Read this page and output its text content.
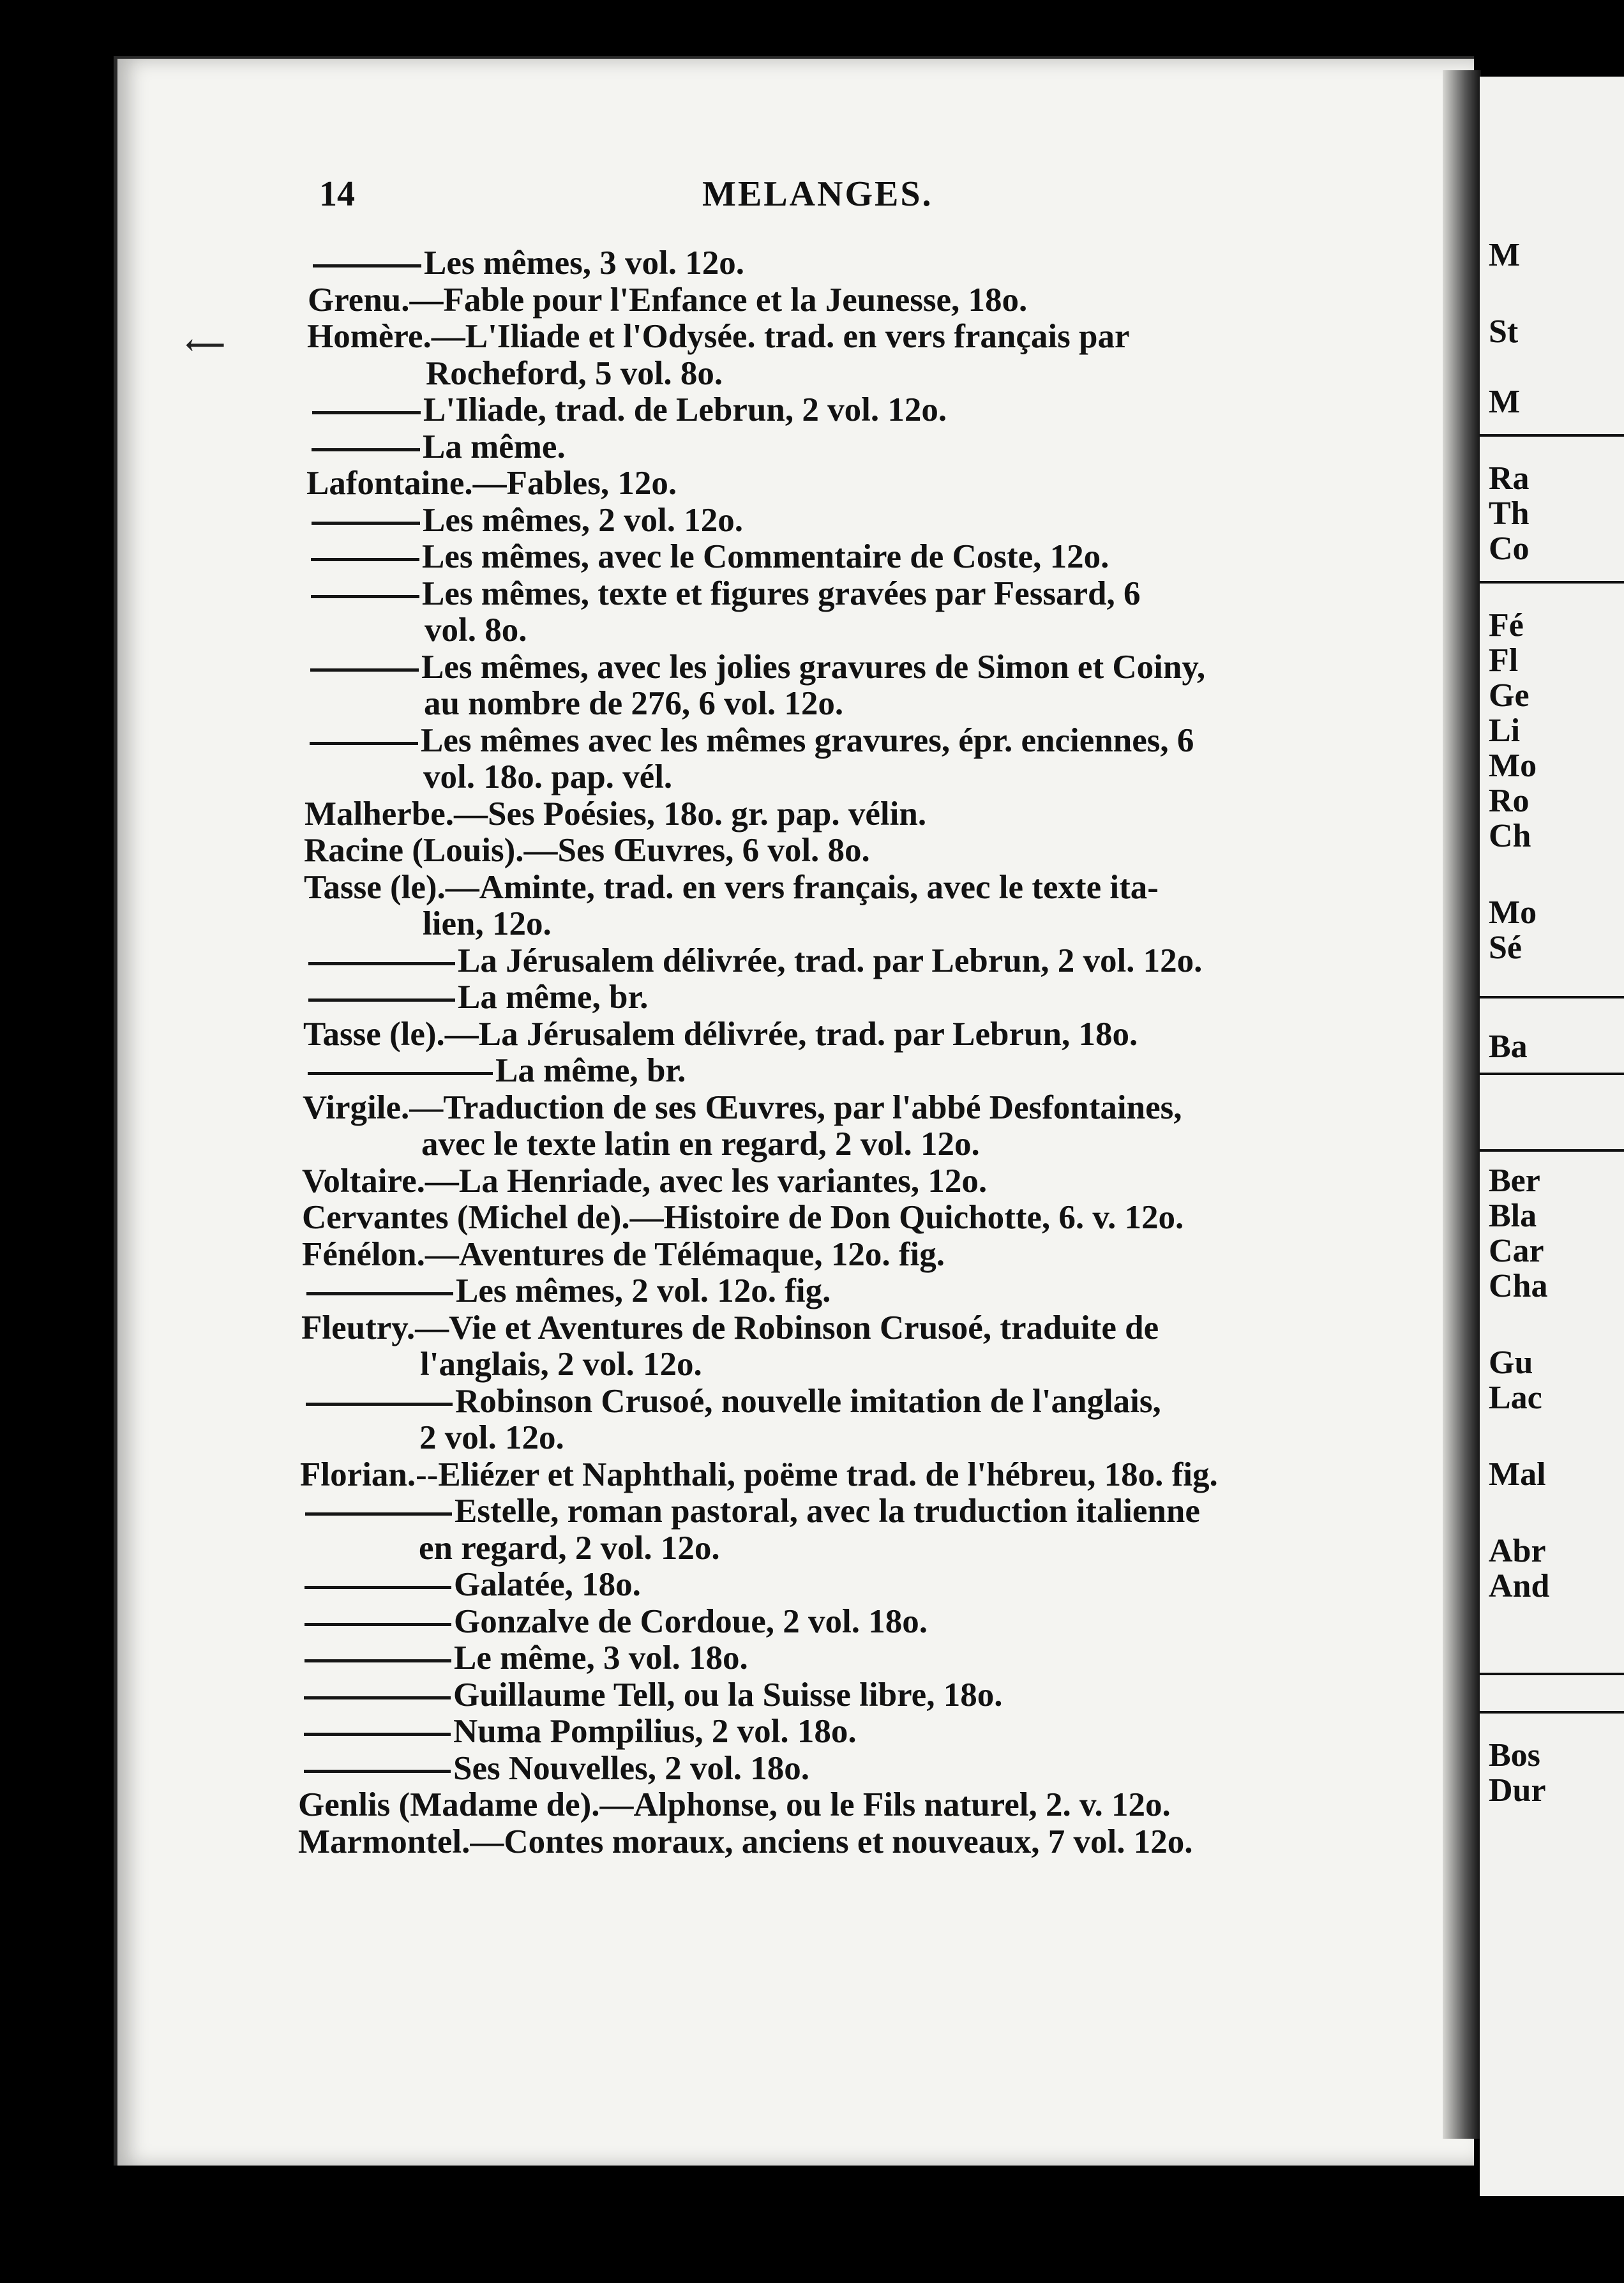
M
St
M
Ra
Th
Co
Fé
Fl
Ge
Li
Mo
Ro
Ch
Mo
Sé
Ba
Ber
Bla
Car
Cha
Gu
Lac
Mal
Abr
And
Bos
Dur
14	MELANGES.
Les mêmes, 3 vol. 12o.
Grenu.—Fable pour l'Enfance et la Jeunesse, 18o.
Homère.—L'Iliade et l'Odysée. trad. en vers français par
Rocheford, 5 vol. 8o.
L'Iliade, trad. de Lebrun, 2 vol. 12o.
La même.
Lafontaine.—Fables, 12o.
Les mêmes, 2 vol. 12o.
Les mêmes, avec le Commentaire de Coste, 12o.
Les mêmes, texte et figures gravées par Fessard, 6
vol. 8o.
Les mêmes, avec les jolies gravures de Simon et Coiny,
au nombre de 276, 6 vol. 12o.
Les mêmes avec les mêmes gravures, épr. enciennes, 6
vol. 18o. pap. vél.
Malherbe.—Ses Poésies, 18o. gr. pap. vélin.
Racine (Louis).—Ses Œuvres, 6 vol. 8o.
Tasse (le).—Aminte, trad. en vers français, avec le texte ita-
lien, 12o.
La Jérusalem délivrée, trad. par Lebrun, 2 vol. 12o.
La même, br.
Tasse (le).—La Jérusalem délivrée, trad. par Lebrun, 18o.
La même, br.
Virgile.—Traduction de ses Œuvres, par l'abbé Desfontaines,
avec le texte latin en regard, 2 vol. 12o.
Voltaire.—La Henriade, avec les variantes, 12o.
Cervantes (Michel de).—Histoire de Don Quichotte, 6. v. 12o.
Fénélon.—Aventures de Télémaque, 12o. fig.
Les mêmes, 2 vol. 12o. fig.
Fleutry.—Vie et Aventures de Robinson Crusoé, traduite de
l'anglais, 2 vol. 12o.
Robinson Crusoé, nouvelle imitation de l'anglais,
2 vol. 12o.
Florian.--Eliézer et Naphthali, poëme trad. de l'hébreu, 18o. fig.
Estelle, roman pastoral, avec la truduction italienne
en regard, 2 vol. 12o.
Galatée, 18o.
Gonzalve de Cordoue, 2 vol. 18o.
Le même, 3 vol. 18o.
Guillaume Tell, ou la Suisse libre, 18o.
Numa Pompilius, 2 vol. 18o.
Ses Nouvelles, 2 vol. 18o.
Genlis (Madame de).—Alphonse, ou le Fils naturel, 2. v. 12o.
Marmontel.—Contes moraux, anciens et nouveaux, 7 vol. 12o.
⟵
